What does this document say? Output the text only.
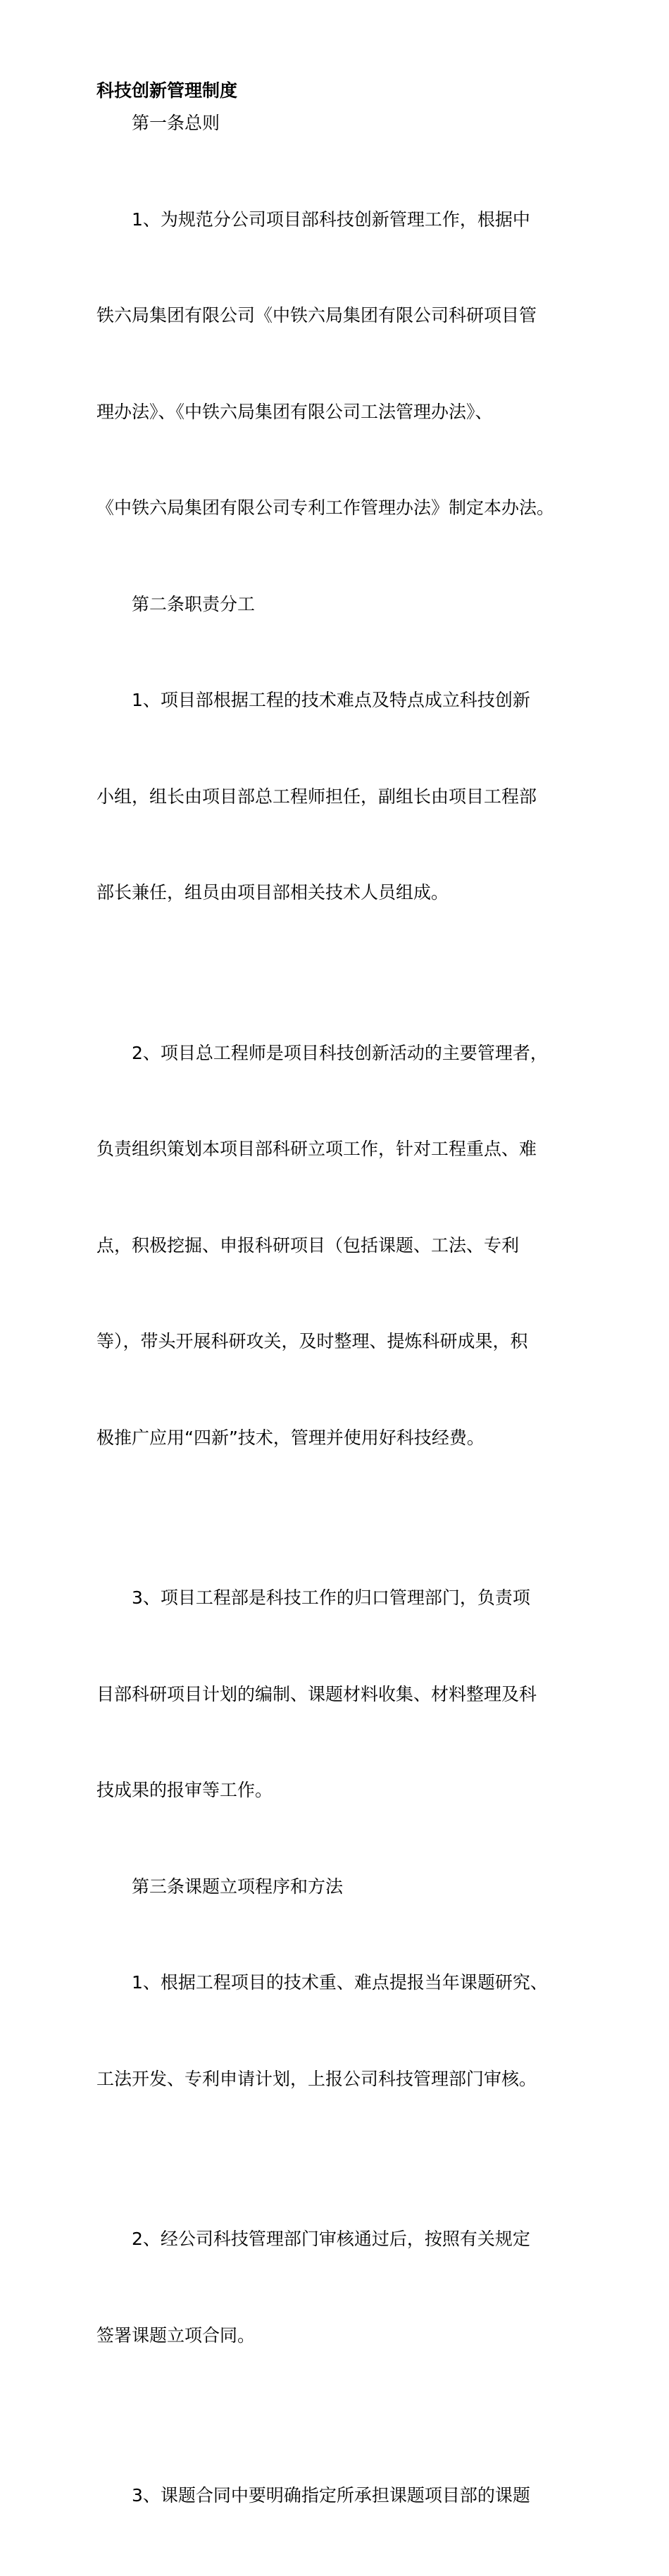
科技创新管理制度
第一条总则

1、为规范分公司项目部科技创新管理工作，根据中

铁六局集团有限公司《中铁六局集团有限公司科研项目管

理办法》、《中铁六局集团有限公司工法管理办法》、

《中铁六局集团有限公司专利工作管理办法》制定本办法。

第二条职责分工

1、项目部根据工程的技术难点及特点成立科技创新

小组，组长由项目部总工程师担任，副组长由项目工程部

部长兼任，组员由项目部相关技术人员组成。

2、项目总工程师是项目科技创新活动的主要管理者，

负责组织策划本项目部科研立项工作，针对工程重点、难

点，积极挖掘、申报科研项目（包括课题、工法、专利

等），带头开展科研攻关，及时整理、提炼科研成果，积

极推广应用“四新”技术，管理并使用好科技经费。

3、项目工程部是科技工作的归口管理部门，负责项

目部科研项目计划的编制、课题材料收集、材料整理及科

技成果的报审等工作。

第三条课题立项程序和方法

1、根据工程项目的技术重、难点提报当年课题研究、

工法开发、专利申请计划，上报公司科技管理部门审核。

2、经公司科技管理部门审核通过后，按照有关规定

签署课题立项合同。

3、课题合同中要明确指定所承担课题项目部的课题
